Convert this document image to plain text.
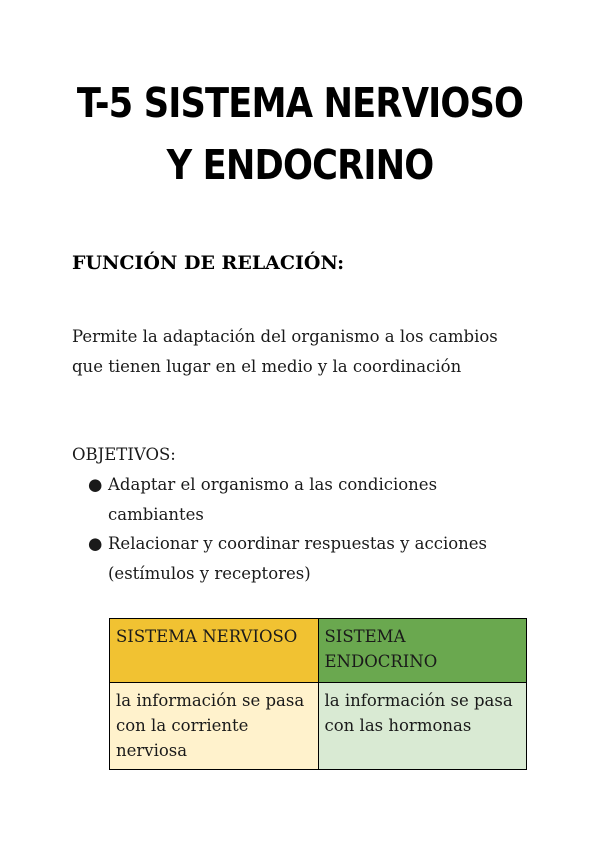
T-5 SISTEMA NERVIOSO
Y ENDOCRINO
FUNCIÓN DE RELACIÓN:
Permite la adaptación del organismo a los cambios que tienen lugar en el medio y la coordinación
OBJETIVOS:
● Adaptar el organismo a las condiciones cambiantes
● Relacionar y coordinar respuestas y acciones (estímulos y receptores)
SISTEMA NERVIOSO	SISTEMA ENDOCRINO
la información se pasa con la corriente nerviosa	la información se pasa con las hormonas
